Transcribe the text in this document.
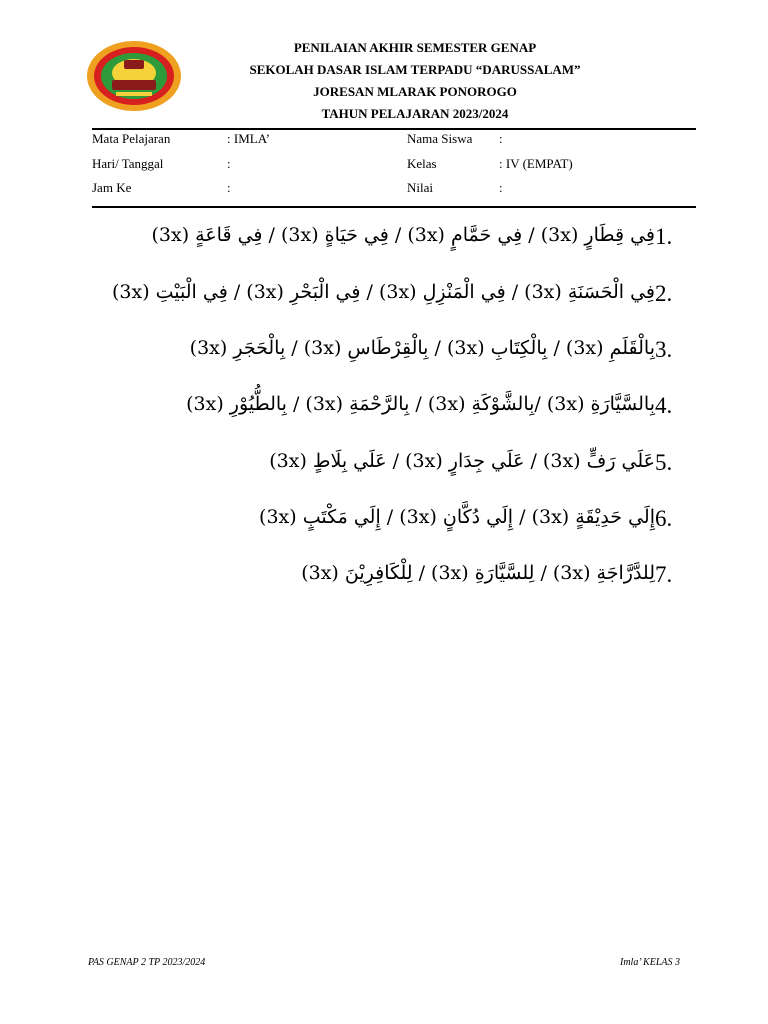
PENILAIAN AKHIR SEMESTER GENAP
SEKOLAH DASAR ISLAM TERPADU “DARUSSALAM”
JORESAN MLARAK PONOROGO
TAHUN PELAJARAN 2023/2024
Mata Pelajaran	: IMLA’	Nama Siswa :
Hari/ Tanggal	:	Kelas	: IV (EMPAT)
Jam Ke	:	Nilai	:
1.
فِي قِطَارٍ (3x) / فِي حَمَّامٍ (3x) / فِي حَيَاةٍ (3x) / فِي قَاعَةٍ (3x)
2.
فِي الْحَسَنَةِ (3x) / فِي الْمَنْزِلِ (3x) / فِي الْبَحْرِ (3x) / فِي الْبَيْتِ (3x)
3.
بِالْقَلَمِ (3x) / بِالْكِتَابِ (3x) / بِالْقِرْطَاسِ (3x) / بِالْحَجَرِ (3x)
4.
بِالسَّيَّارَةِ (3x) /بِالشَّوْكَةِ (3x) / بِالرَّحْمَةِ (3x) / بِالطُّيُوْرِ (3x)
5.
عَلَي رَفٍّ (3x) / عَلَي جِدَارٍ (3x) / عَلَي بِلَاطٍ (3x)
6.
إِلَي حَدِيْقَةٍ (3x) / إِلَي دُكَّانٍ (3x) / إِلَي مَكْتَبٍ (3x)
7.
لِلدَّرَّاجَةِ (3x) / لِلسَّيَّارَةِ (3x) / لِلْكَافِرِيْنَ (3x)
PAS GENAP 2 TP 2023/2024	Imla’ KELAS 3
